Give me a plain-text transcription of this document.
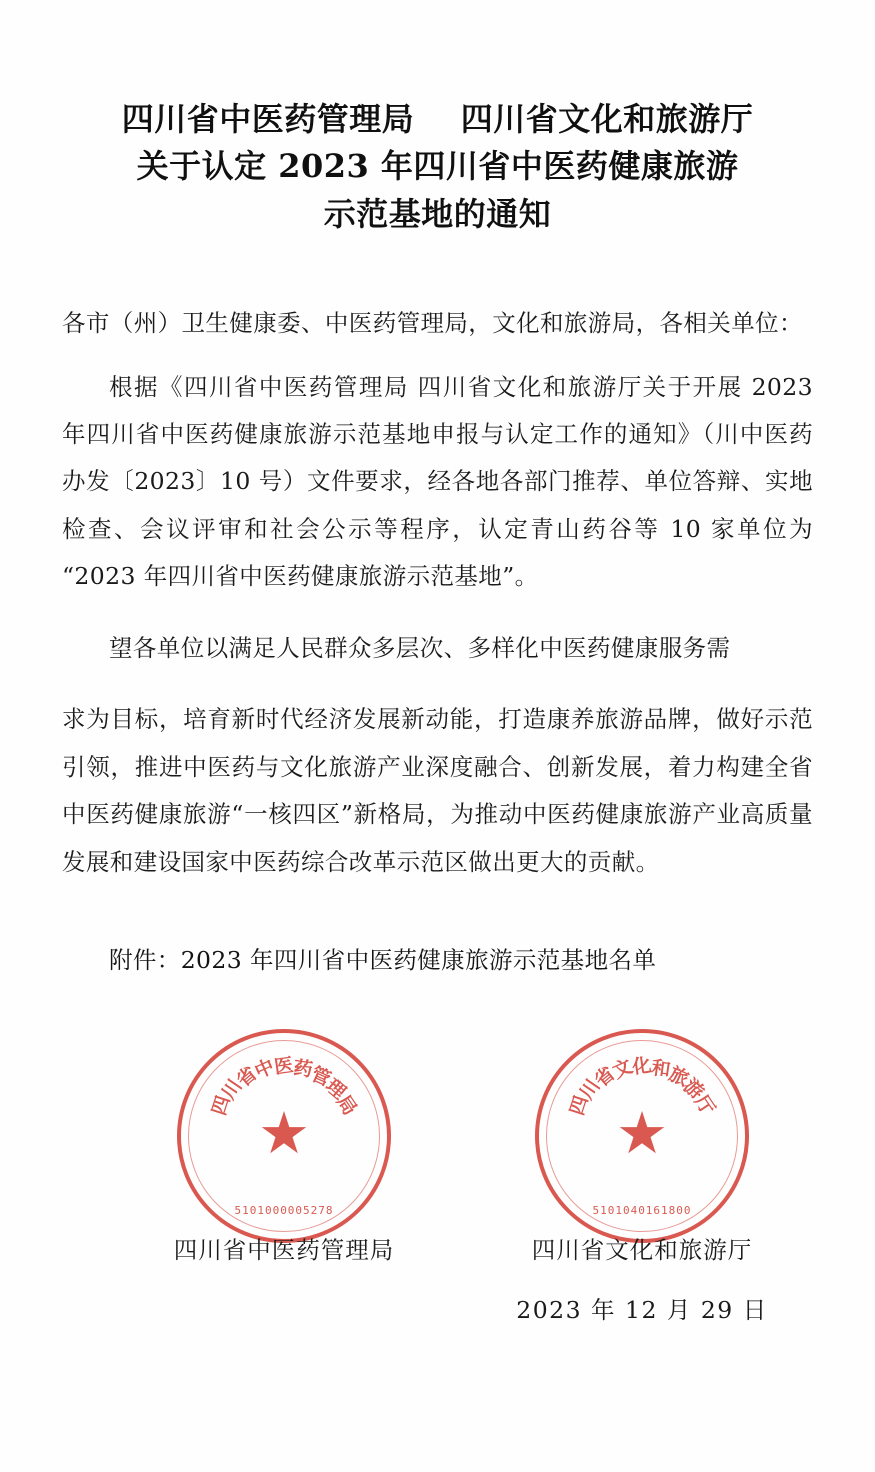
四川省中医药管理局    四川省文化和旅游厅
关于认定 2023 年四川省中医药健康旅游
示范基地的通知

各市（州）卫生健康委、中医药管理局，文化和旅游局，各相关单位：

根据《四川省中医药管理局 四川省文化和旅游厅关于开展 2023 年四川省中医药健康旅游示范基地申报与认定工作的通知》（川中医药办发〔2023〕10 号）文件要求，经各地各部门推荐、单位答辩、实地检查、会议评审和社会公示等程序，认定青山药谷等 10 家单位为“2023 年四川省中医药健康旅游示范基地”。

望各单位以满足人民群众多层次、多样化中医药健康服务需

求为目标，培育新时代经济发展新动能，打造康养旅游品牌，做好示范引领，推进中医药与文化旅游产业深度融合、创新发展，着力构建全省中医药健康旅游“一核四区”新格局，为推动中医药健康旅游产业高质量发展和建设国家中医药综合改革示范区做出更大的贡献。

附件：2023 年四川省中医药健康旅游示范基地名单

四
川
省
中
医
药
管
理
局
★
5101000005278
四川省中医药管理局
四
川
省
文
化
和
旅
游
厅
★
5101040161800
四川省文化和旅游厅
2023 年 12 月 29 日
